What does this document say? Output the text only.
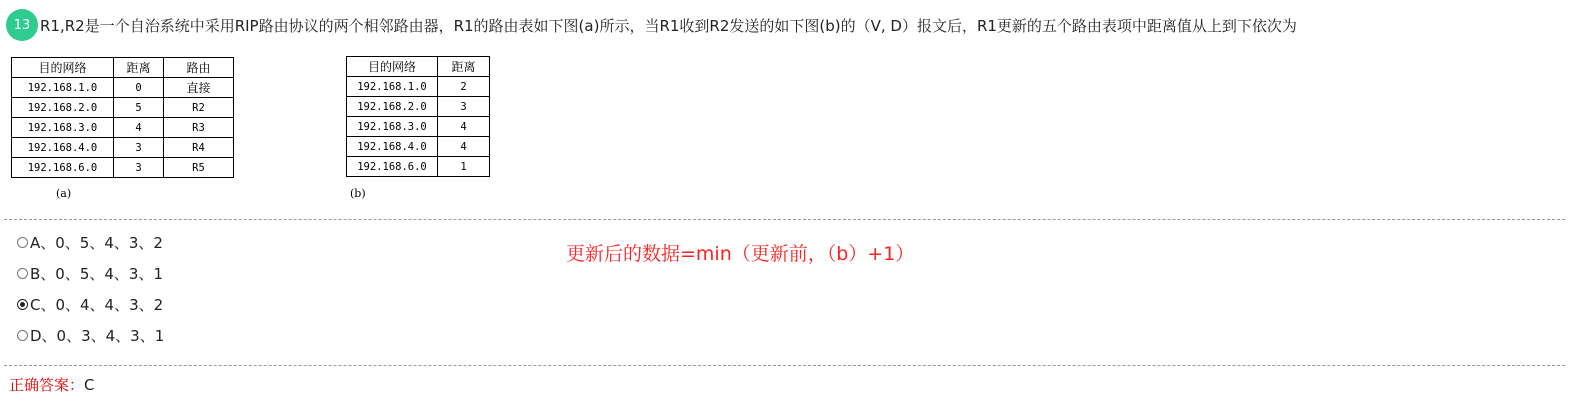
13 R1,R2是一个自治系统中采用RIP路由协议的两个相邻路由器，R1的路由表如下图(a)所示，当R1收到R2发送的如下图(b)的（V, D）报文后，R1更新的五个路由表项中距离值从上到下依次为
目的网络	距离	路由
192.168.1.0	0	直接
192.168.2.0	5	R2
192.168.3.0	4	R3
192.168.4.0	3	R4
192.168.6.0	3	R5
(a)
目的网络	距离
192.168.1.0	2
192.168.2.0	3
192.168.3.0	4
192.168.4.0	4
192.168.6.0	1
(b)
A、0、5、4、3、2
B、0、5、4、3、1
C、0、4、4、3、2
D、0、3、4、3、1
更新后的数据=min（更新前，（b）+1）
正确答案：C
